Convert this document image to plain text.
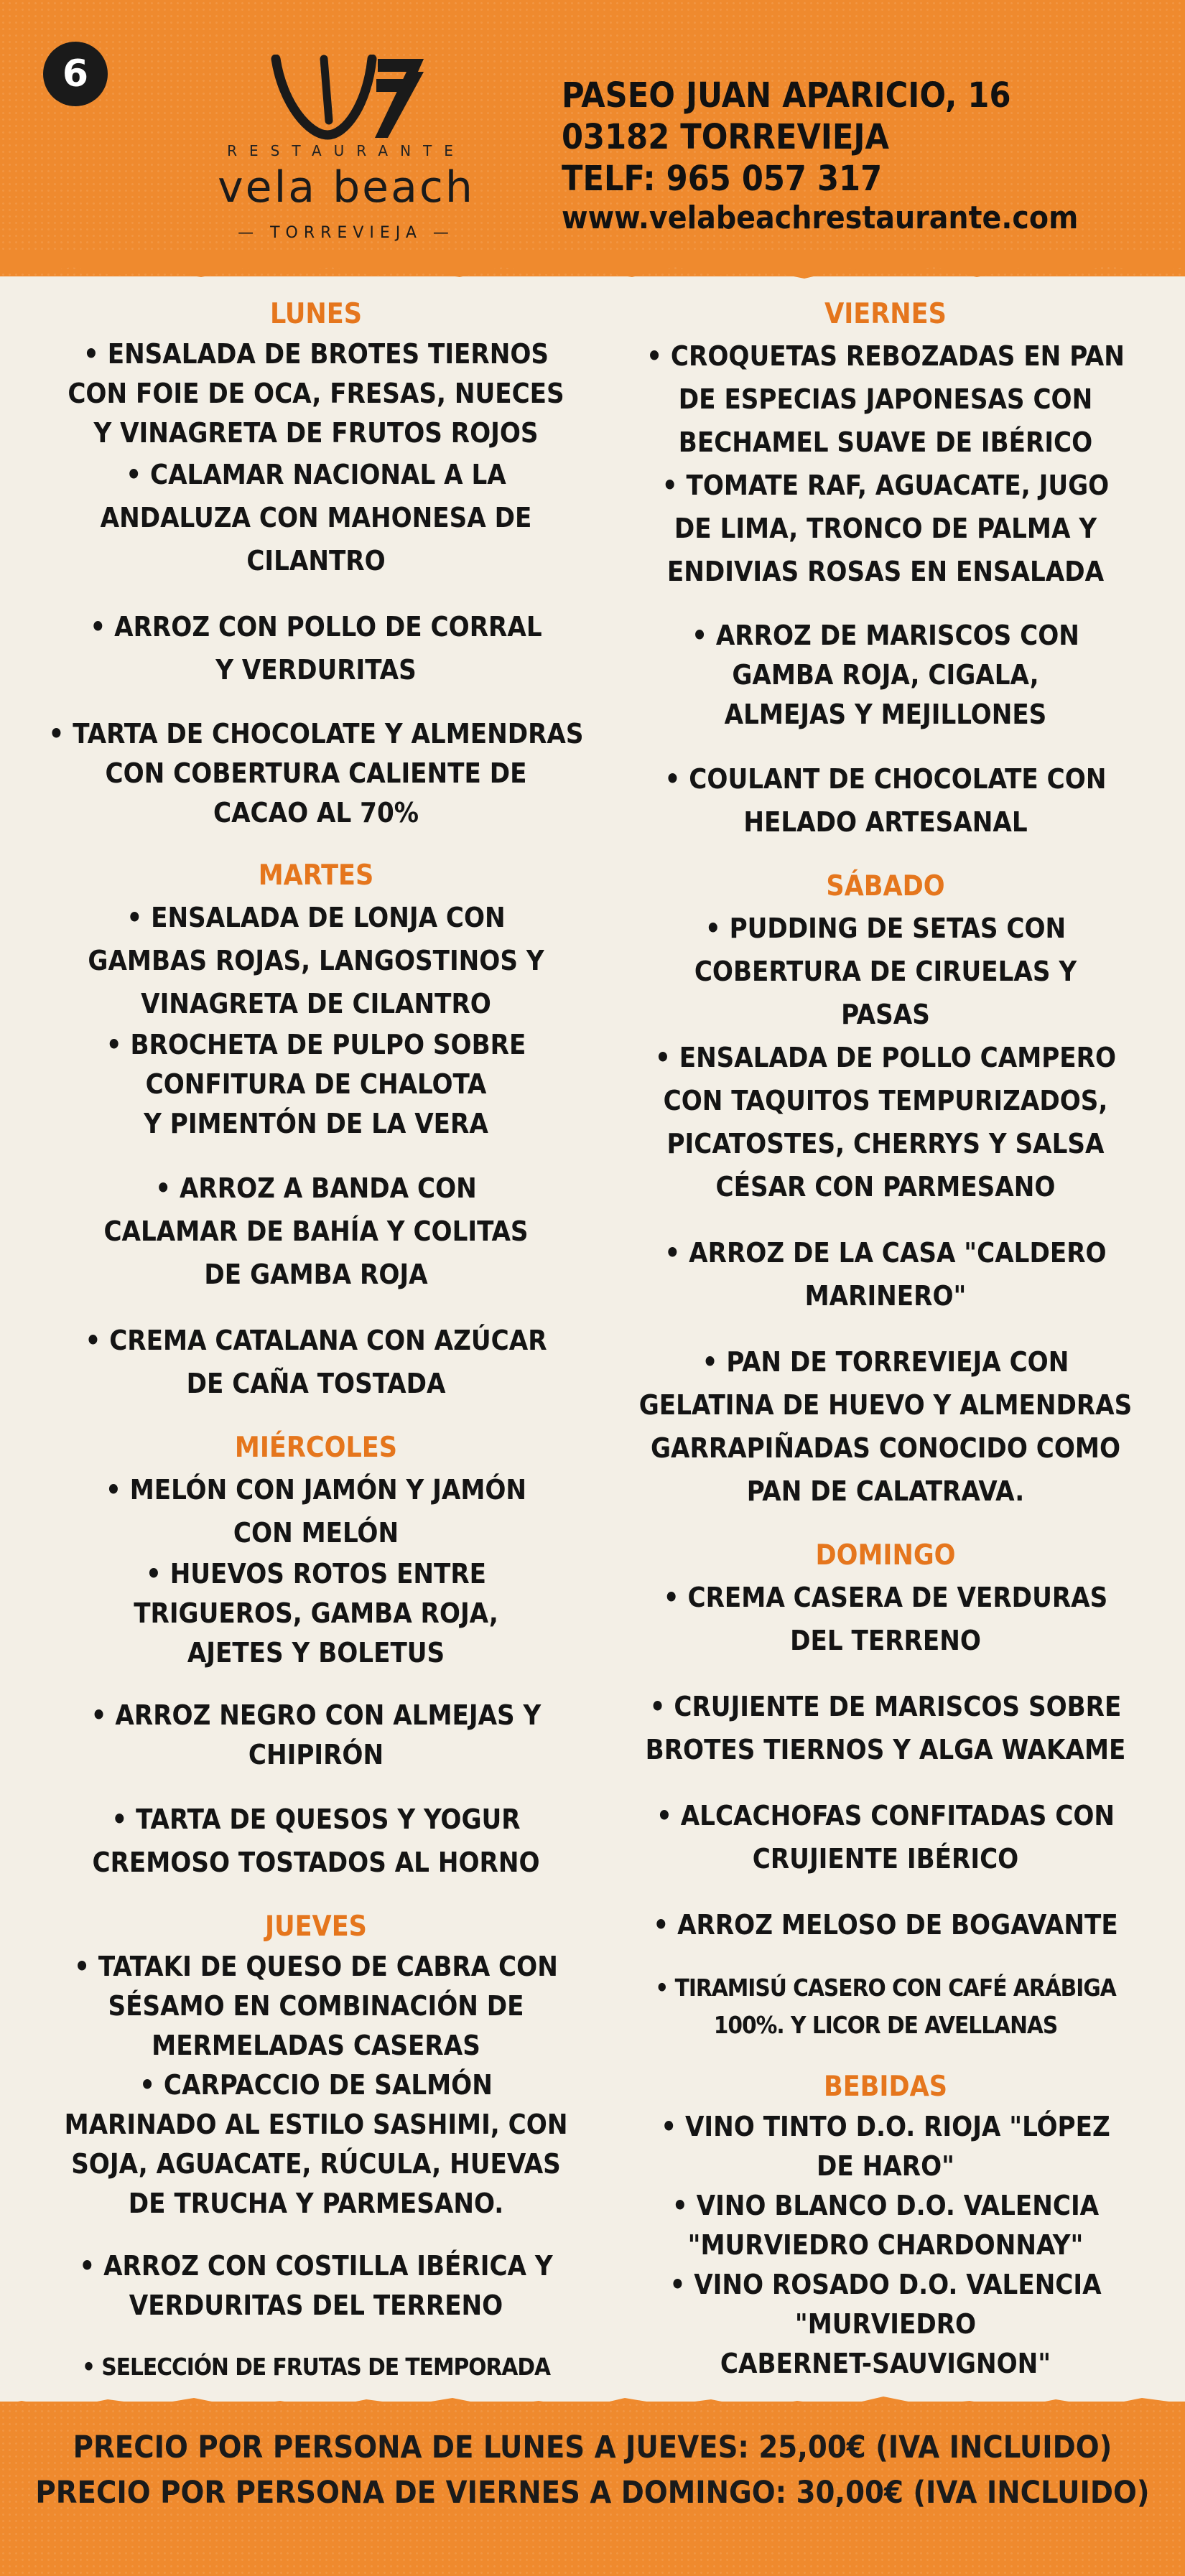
6
RESTAURANTE
vela beach
— TORREVIEJA —
PASEO JUAN APARICIO, 16
03182 TORREVIEJA
TELF: 965 057 317
www.velabeachrestaurante.com
LUNES
• ENSALADA DE BROTES TIERNOS
CON FOIE DE OCA, FRESAS, NUECES
Y VINAGRETA DE FRUTOS ROJOS
• CALAMAR NACIONAL A LA
ANDALUZA CON MAHONESA DE
CILANTRO
• ARROZ CON POLLO DE CORRAL
Y VERDURITAS
• TARTA DE CHOCOLATE Y ALMENDRAS
CON COBERTURA CALIENTE DE
CACAO AL 70%
MARTES
• ENSALADA DE LONJA CON
GAMBAS ROJAS, LANGOSTINOS Y
VINAGRETA DE CILANTRO
• BROCHETA DE PULPO SOBRE
CONFITURA DE CHALOTA
Y PIMENTÓN DE LA VERA
• ARROZ A BANDA CON
CALAMAR DE BAHÍA Y COLITAS
DE GAMBA ROJA
• CREMA CATALANA CON AZÚCAR
DE CAÑA TOSTADA
MIÉRCOLES
• MELÓN CON JAMÓN Y JAMÓN
CON MELÓN
• HUEVOS ROTOS ENTRE
TRIGUEROS, GAMBA ROJA,
AJETES Y BOLETUS
• ARROZ NEGRO CON ALMEJAS Y
CHIPIRÓN
• TARTA DE QUESOS Y YOGUR
CREMOSO TOSTADOS AL HORNO
JUEVES
• TATAKI DE QUESO DE CABRA CON
SÉSAMO EN COMBINACIÓN DE
MERMELADAS CASERAS
• CARPACCIO DE SALMÓN
MARINADO AL ESTILO SASHIMI, CON
SOJA, AGUACATE, RÚCULA, HUEVAS
DE TRUCHA Y PARMESANO.
• ARROZ CON COSTILLA IBÉRICA Y
VERDURITAS DEL TERRENO
• SELECCIÓN DE FRUTAS DE TEMPORADA
VIERNES
• CROQUETAS REBOZADAS EN PAN
DE ESPECIAS JAPONESAS CON
BECHAMEL SUAVE DE IBÉRICO
• TOMATE RAF, AGUACATE, JUGO
DE LIMA, TRONCO DE PALMA Y
ENDIVIAS ROSAS EN ENSALADA
• ARROZ DE MARISCOS CON
GAMBA ROJA, CIGALA,
ALMEJAS Y MEJILLONES
• COULANT DE CHOCOLATE CON
HELADO ARTESANAL
SÁBADO
• PUDDING DE SETAS CON
COBERTURA DE CIRUELAS Y
PASAS
• ENSALADA DE POLLO CAMPERO
CON TAQUITOS TEMPURIZADOS,
PICATOSTES, CHERRYS Y SALSA
CÉSAR CON PARMESANO
• ARROZ DE LA CASA "CALDERO
MARINERO"
• PAN DE TORREVIEJA CON
GELATINA DE HUEVO Y ALMENDRAS
GARRAPIÑADAS CONOCIDO COMO
PAN DE CALATRAVA.
DOMINGO
• CREMA CASERA DE VERDURAS
DEL TERRENO
• CRUJIENTE DE MARISCOS SOBRE
BROTES TIERNOS Y ALGA WAKAME
• ALCACHOFAS CONFITADAS CON
CRUJIENTE IBÉRICO
• ARROZ MELOSO DE BOGAVANTE
• TIRAMISÚ CASERO CON CAFÉ ARÁBIGA
100%. Y LICOR DE AVELLANAS
BEBIDAS
• VINO TINTO D.O. RIOJA "LÓPEZ
DE HARO"
• VINO BLANCO D.O. VALENCIA
"MURVIEDRO CHARDONNAY"
• VINO ROSADO D.O. VALENCIA
"MURVIEDRO
CABERNET-SAUVIGNON"
PRECIO POR PERSONA DE LUNES A JUEVES: 25,00€ (IVA INCLUIDO)
PRECIO POR PERSONA DE VIERNES A DOMINGO: 30,00€ (IVA INCLUIDO)
